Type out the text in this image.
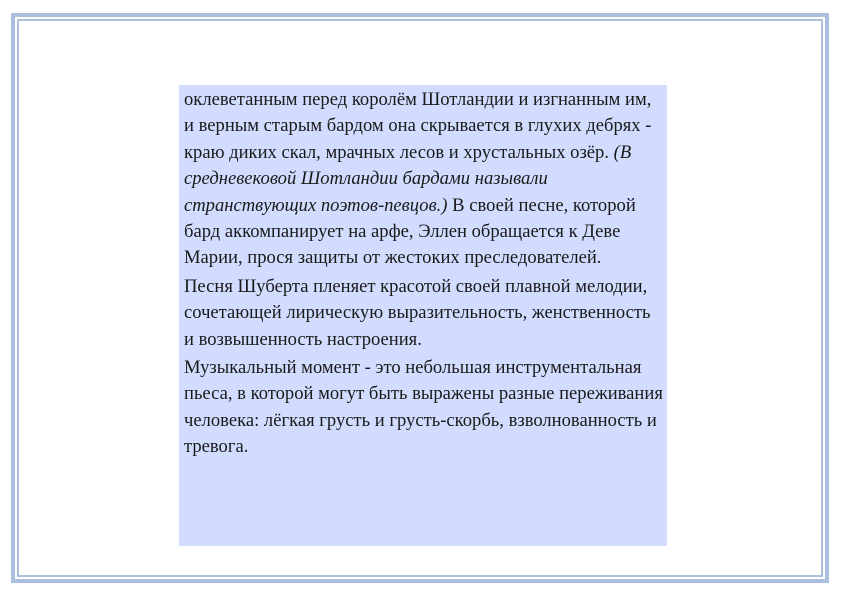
оклеветанным перед королём Шотландии и изгнанным им, и верным старым бардом она скрывается в глухих дебрях - краю диких скал, мрачных лесов и хрустальных озёр. (В средневековой Шотландии бардами называли странствующих поэтов-певцов.) В своей песне, которой бард аккомпанирует на арфе, Эллен обращается к Деве Марии, прося защиты от жестоких преследователей.

Песня Шуберта пленяет красотой своей плавной мелодии, сочетающей лирическую выразительность, женственность и возвышенность настроения.

Музыкальный момент - это небольшая инструментальная пьеса, в которой могут быть выражены разные переживания человека: лёгкая грусть и грусть-скорбь, взволнованность и тревога.
